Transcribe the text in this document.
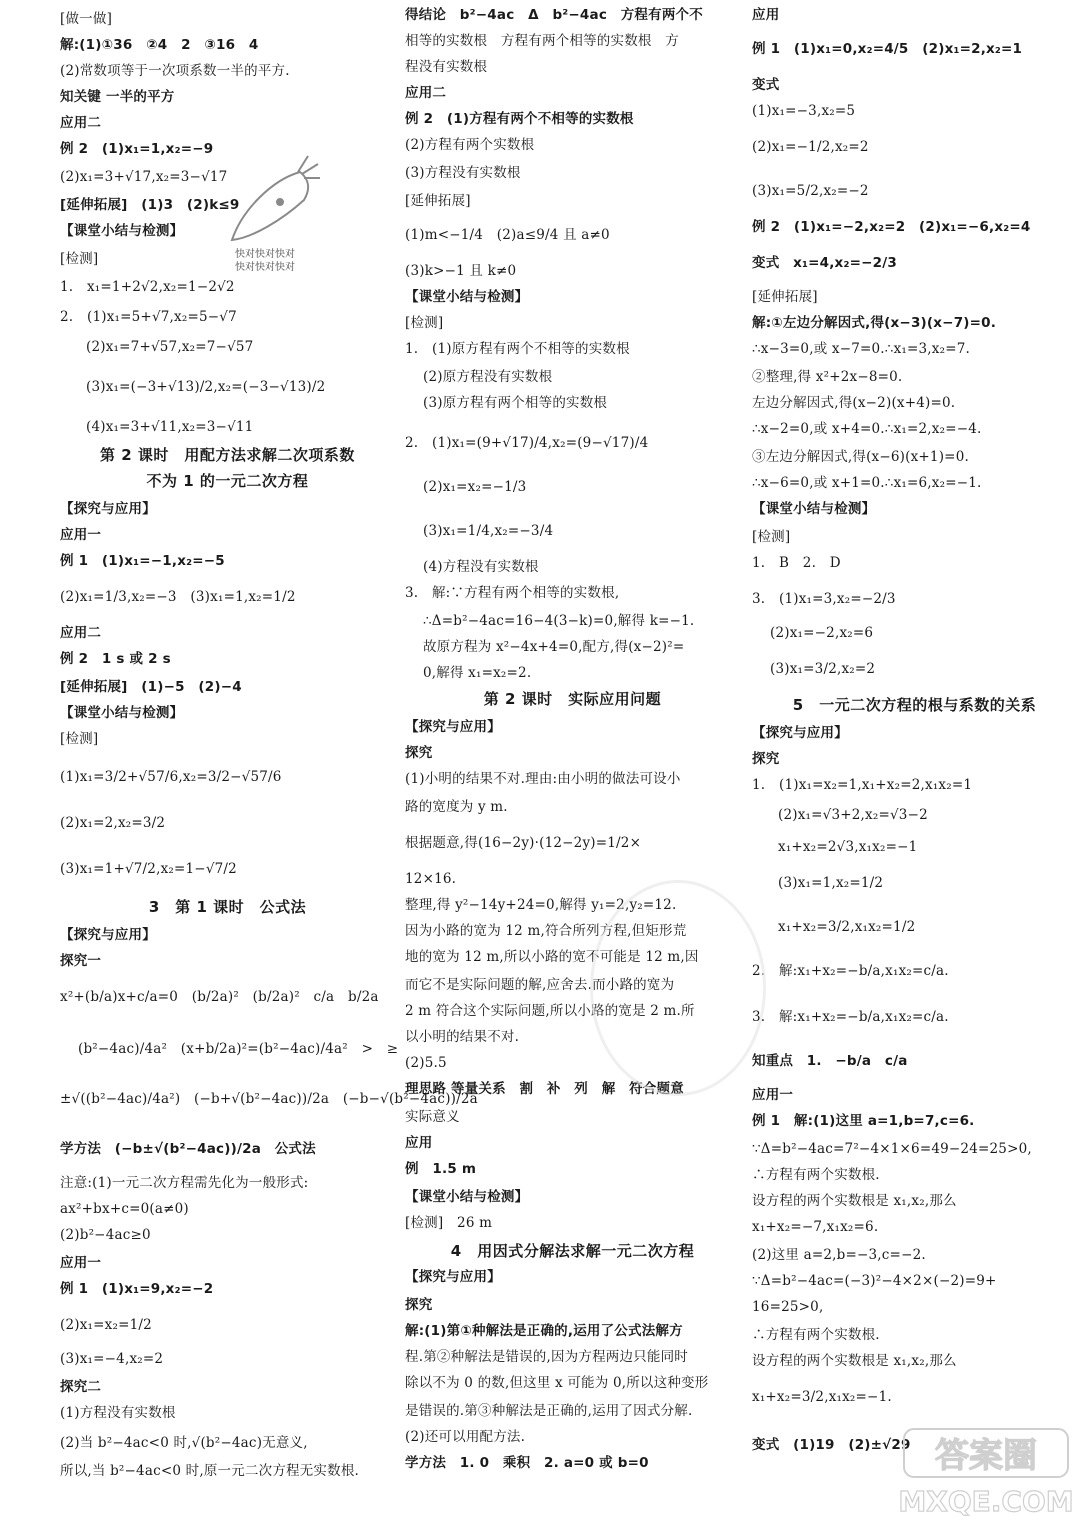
[做一做]
解:(1)①36　②4　2　③16　4
(2)常数项等于一次项系数一半的平方.
知关键 一半的平方
应用二
例 2　(1)x₁=1,x₂=−9
(2)x₁=3+√17,x₂=3−√17
[延伸拓展]　(1)3　(2)k≤9
【课堂小结与检测】
[检测]
1.　x₁=1+2√2,x₂=1−2√2
2.　(1)x₁=5+√7,x₂=5−√7
(2)x₁=7+√57,x₂=7−√57
(3)x₁=(−3+√13)/2,x₂=(−3−√13)/2
(4)x₁=3+√11,x₂=3−√11
第 2 课时　用配方法求解二次项系数
不为 1 的一元二次方程
【探究与应用】
应用一
例 1　(1)x₁=−1,x₂=−5
(2)x₁=1/3,x₂=−3　(3)x₁=1,x₂=1/2
应用二
例 2　1 s 或 2 s
[延伸拓展]　(1)−5　(2)−4
【课堂小结与检测】
[检测]
(1)x₁=3/2+√57/6,x₂=3/2−√57/6
(2)x₁=2,x₂=3/2
(3)x₁=1+√7/2,x₂=1−√7/2
3　第 1 课时　公式法
【探究与应用】
探究一
x²+(b/a)x+c/a=0　(b/2a)²　(b/2a)²　c/a　b/2a
(b²−4ac)/4a²　(x+b/2a)²=(b²−4ac)/4a²　>　≥
±√((b²−4ac)/4a²)　(−b+√(b²−4ac))/2a　(−b−√(b²−4ac))/2a
学方法　(−b±√(b²−4ac))/2a　公式法
注意:(1)一元二次方程需先化为一般形式:
ax²+bx+c=0(a≠0)
(2)b²−4ac≥0
应用一
例 1　(1)x₁=9,x₂=−2
(2)x₁=x₂=1/2
(3)x₁=−4,x₂=2
探究二
(1)方程没有实数根
(2)当 b²−4ac<0 时,√(b²−4ac)无意义,
所以,当 b²−4ac<0 时,原一元二次方程无实数根.
得结论　b²−4ac　Δ　b²−4ac　方程有两个不
相等的实数根　方程有两个相等的实数根　方
程没有实数根
应用二
例 2　(1)方程有两个不相等的实数根
(2)方程有两个实数根
(3)方程没有实数根
[延伸拓展]
(1)m<−1/4　(2)a≤9/4 且 a≠0
(3)k>−1 且 k≠0
【课堂小结与检测】
[检测]
1.　(1)原方程有两个不相等的实数根
(2)原方程没有实数根
(3)原方程有两个相等的实数根
2.　(1)x₁=(9+√17)/4,x₂=(9−√17)/4
(2)x₁=x₂=−1/3
(3)x₁=1/4,x₂=−3/4
(4)方程没有实数根
3.　解:∵方程有两个相等的实数根,
∴Δ=b²−4ac=16−4(3−k)=0,解得 k=−1.
故原方程为 x²−4x+4=0,配方,得(x−2)²=
0,解得 x₁=x₂=2.
第 2 课时　实际应用问题
【探究与应用】
探究
(1)小明的结果不对.理由:由小明的做法可设小
路的宽度为 y m.
根据题意,得(16−2y)·(12−2y)=1/2×
12×16.
整理,得 y²−14y+24=0,解得 y₁=2,y₂=12.
因为小路的宽为 12 m,符合所列方程,但矩形荒
地的宽为 12 m,所以小路的宽不可能是 12 m,因
而它不是实际问题的解,应舍去.而小路的宽为
2 m 符合这个实际问题,所以小路的宽是 2 m.所
以小明的结果不对.
(2)5.5
理思路 等量关系　割　补　列　解　符合题意
实际意义
应用
例　1.5 m
【课堂小结与检测】
[检测]　26 m
4　用因式分解法求解一元二次方程
【探究与应用】
探究
解:(1)第①种解法是正确的,运用了公式法解方
程.第②种解法是错误的,因为方程两边只能同时
除以不为 0 的数,但这里 x 可能为 0,所以这种变形
是错误的.第③种解法是正确的,运用了因式分解.
(2)还可以用配方法.
学方法　1. 0　乘积　2. a=0 或 b=0
应用
例 1　(1)x₁=0,x₂=4/5　(2)x₁=2,x₂=1
变式
(1)x₁=−3,x₂=5
(2)x₁=−1/2,x₂=2
(3)x₁=5/2,x₂=−2
例 2　(1)x₁=−2,x₂=2　(2)x₁=−6,x₂=4
变式　x₁=4,x₂=−2/3
[延伸拓展]
解:①左边分解因式,得(x−3)(x−7)=0.
∴x−3=0,或 x−7=0.∴x₁=3,x₂=7.
②整理,得 x²+2x−8=0.
左边分解因式,得(x−2)(x+4)=0.
∴x−2=0,或 x+4=0.∴x₁=2,x₂=−4.
③左边分解因式,得(x−6)(x+1)=0.
∴x−6=0,或 x+1=0.∴x₁=6,x₂=−1.
【课堂小结与检测】
[检测]
1.　B　2.　D
3.　(1)x₁=3,x₂=−2/3
(2)x₁=−2,x₂=6
(3)x₁=3/2,x₂=2
5　一元二次方程的根与系数的关系
【探究与应用】
探究
1.　(1)x₁=x₂=1,x₁+x₂=2,x₁x₂=1
(2)x₁=√3+2,x₂=√3−2
x₁+x₂=2√3,x₁x₂=−1
(3)x₁=1,x₂=1/2
x₁+x₂=3/2,x₁x₂=1/2
2.　解:x₁+x₂=−b/a,x₁x₂=c/a.
3.　解:x₁+x₂=−b/a,x₁x₂=c/a.
知重点　1.　−b/a　c/a
应用一
例 1　解:(1)这里 a=1,b=7,c=6.
∵Δ=b²−4ac=7²−4×1×6=49−24=25>0,
∴方程有两个实数根.
设方程的两个实数根是 x₁,x₂,那么
x₁+x₂=−7,x₁x₂=6.
(2)这里 a=2,b=−3,c=−2.
∵Δ=b²−4ac=(−3)²−4×2×(−2)=9+
16=25>0,
∴方程有两个实数根.
设方程的两个实数根是 x₁,x₂,那么
x₁+x₂=3/2,x₁x₂=−1.
变式　(1)19　(2)±√29
快对快对快对
快对快对快对
答案圈
MXQE.COM
